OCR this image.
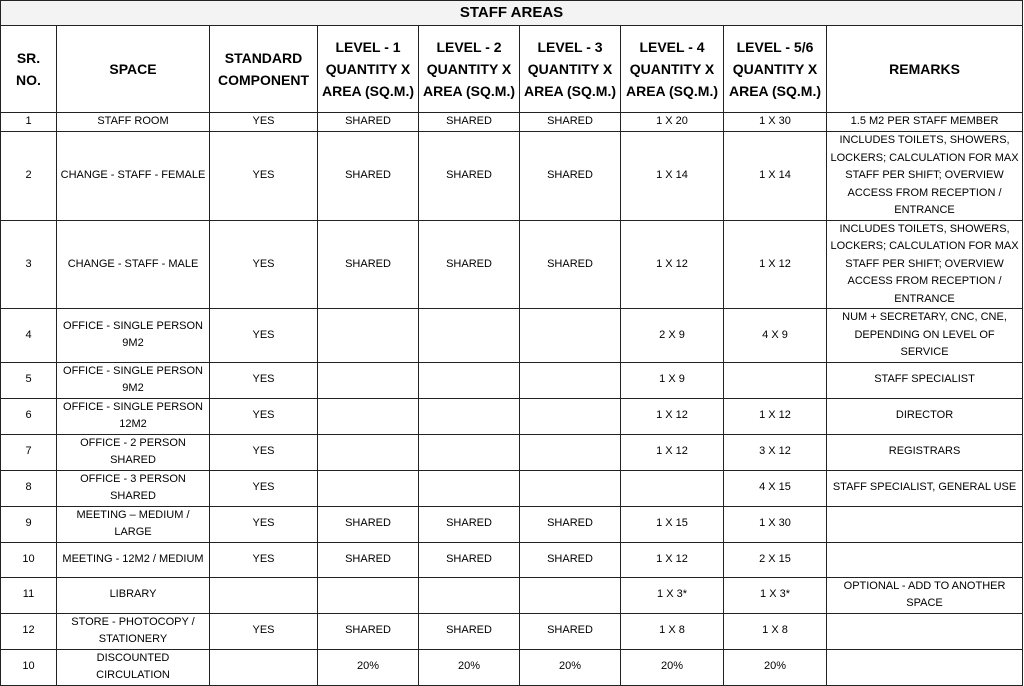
STAFF AREAS								
SR. NO.	SPACE	STANDARD COMPONENT	LEVEL - 1 QUANTITY X AREA (SQ.M.)	LEVEL - 2 QUANTITY X AREA (SQ.M.)	LEVEL - 3 QUANTITY X AREA (SQ.M.)	LEVEL - 4 QUANTITY X AREA (SQ.M.)	LEVEL - 5/6 QUANTITY X AREA (SQ.M.)	REMARKS
1	STAFF ROOM	YES	SHARED	SHARED	SHARED	1 X 20	1 X 30	1.5 M2 PER STAFF MEMBER
2	CHANGE - STAFF - FEMALE	YES	SHARED	SHARED	SHARED	1 X 14	1 X 14	INCLUDES TOILETS, SHOWERS, LOCKERS; CALCULATION FOR MAX STAFF PER SHIFT; OVERVIEW ACCESS FROM RECEPTION / ENTRANCE
3	CHANGE - STAFF - MALE	YES	SHARED	SHARED	SHARED	1 X 12	1 X 12	INCLUDES TOILETS, SHOWERS, LOCKERS; CALCULATION FOR MAX STAFF PER SHIFT; OVERVIEW ACCESS FROM RECEPTION / ENTRANCE
4	OFFICE - SINGLE PERSON 9M2	YES				2 X 9	4 X 9	NUM + SECRETARY, CNC, CNE, DEPENDING ON LEVEL OF SERVICE
5	OFFICE - SINGLE PERSON 9M2	YES				1 X 9		STAFF SPECIALIST
6	OFFICE - SINGLE PERSON 12M2	YES				1 X 12	1 X 12	DIRECTOR
7	OFFICE - 2 PERSON SHARED	YES				1 X 12	3 X 12	REGISTRARS
8	OFFICE - 3 PERSON SHARED	YES					4 X 15	STAFF SPECIALIST, GENERAL USE
9	MEETING – MEDIUM / LARGE	YES	SHARED	SHARED	SHARED	1 X 15	1 X 30	
10	MEETING - 12M2 / MEDIUM	YES	SHARED	SHARED	SHARED	1 X 12	2 X 15	
11	LIBRARY					1 X 3*	1 X 3*	OPTIONAL - ADD TO ANOTHER SPACE
12	STORE - PHOTOCOPY / STATIONERY	YES	SHARED	SHARED	SHARED	1 X 8	1 X 8	
10	DISCOUNTED CIRCULATION		20%	20%	20%	20%	20%	
